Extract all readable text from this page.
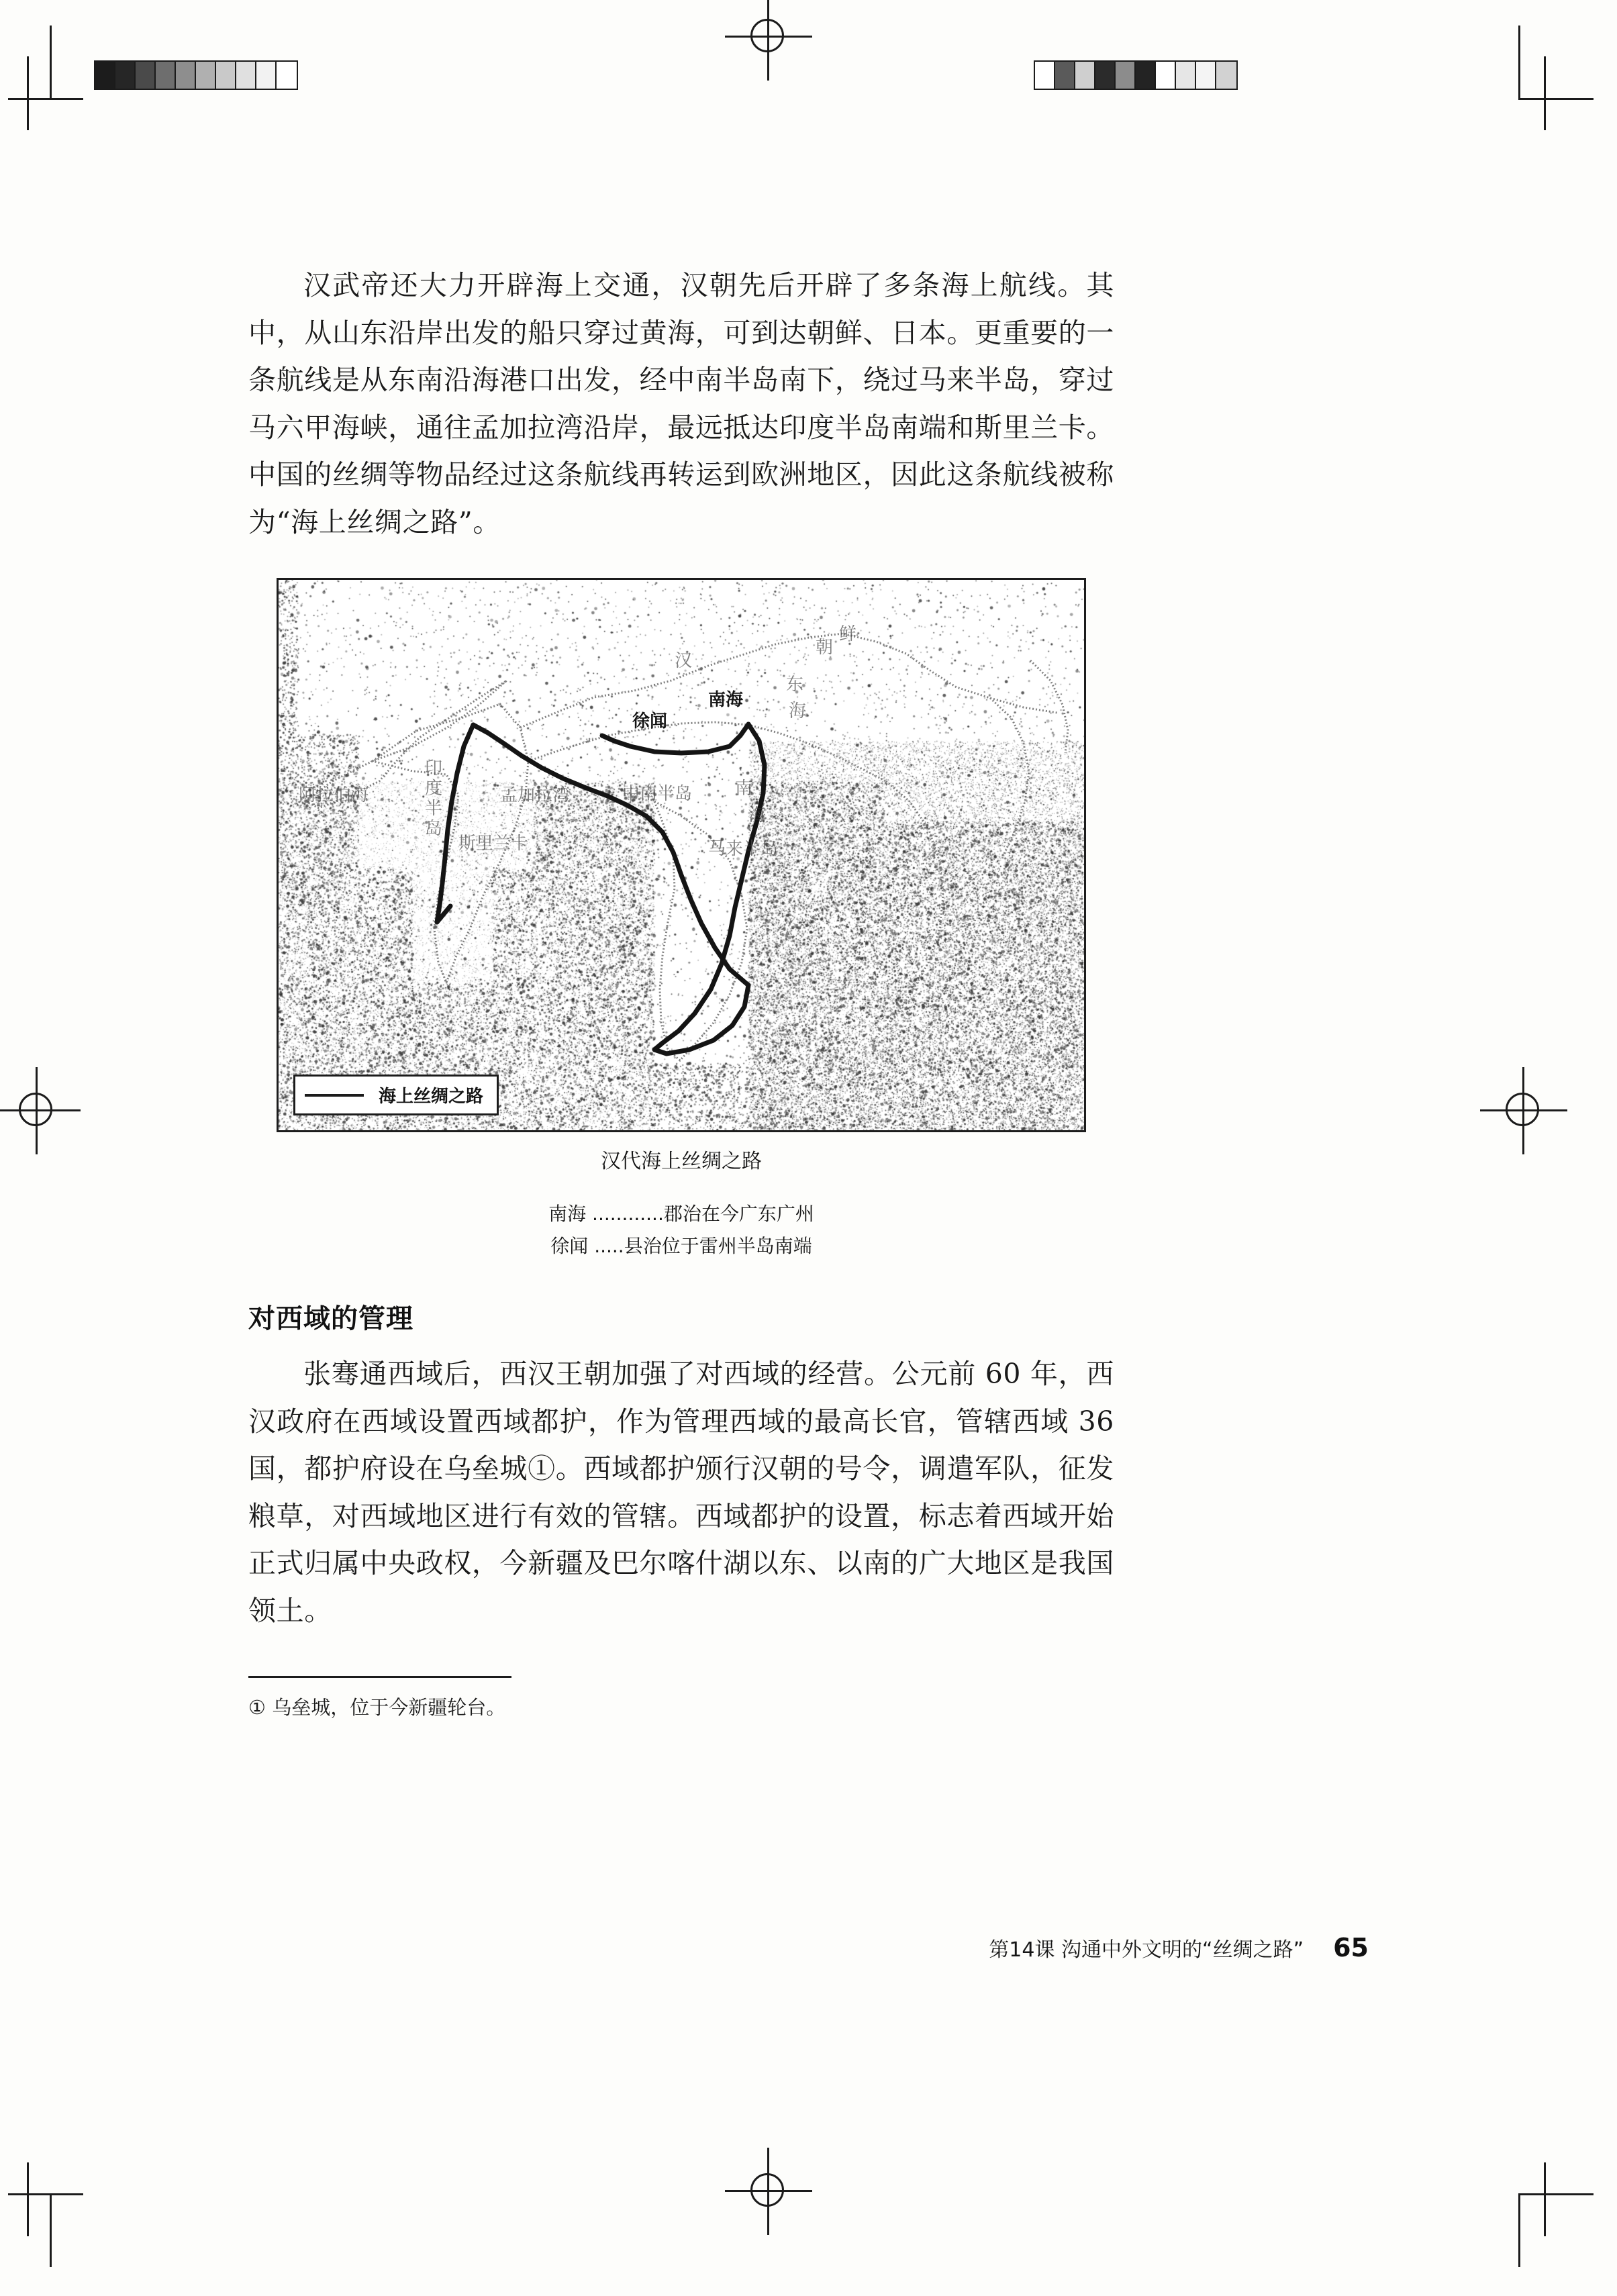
汉武帝还大力开辟海上交通，汉朝先后开辟了多条海上航线。其中，从山东沿岸出发的船只穿过黄海，可到达朝鲜、日本。更重要的一条航线是从东南沿海港口出发，经中南半岛南下，绕过马来半岛，穿过马六甲海峡，通往孟加拉湾沿岸，最远抵达印度半岛南端和斯里兰卡。中国的丝绸等物品经过这条航线再转运到欧洲地区，因此这条航线被称为“海上丝绸之路”。

南海
徐闻
汉
朝
鲜
东
海
印
度
半
岛
阿拉伯海	孟加拉湾	中南半岛 南
海
斯里兰卡	马来半岛
海上丝绸之路
汉代海上丝绸之路
南海 ............郡治在今广东广州
徐闻 .....县治位于雷州半岛南端
对西域的管理

张骞通西域后，西汉王朝加强了对西域的经营。公元前 60 年，西汉政府在西域设置西域都护，作为管理西域的最高长官，管辖西域 36 国，都护府设在乌垒城①。西域都护颁行汉朝的号令，调遣军队，征发粮草，对西域地区进行有效的管辖。西域都护的设置，标志着西域开始正式归属中央政权，今新疆及巴尔喀什湖以东、以南的广大地区是我国领土。

① 乌垒城，位于今新疆轮台。
第14课 沟通中外文明的“丝绸之路” 65
